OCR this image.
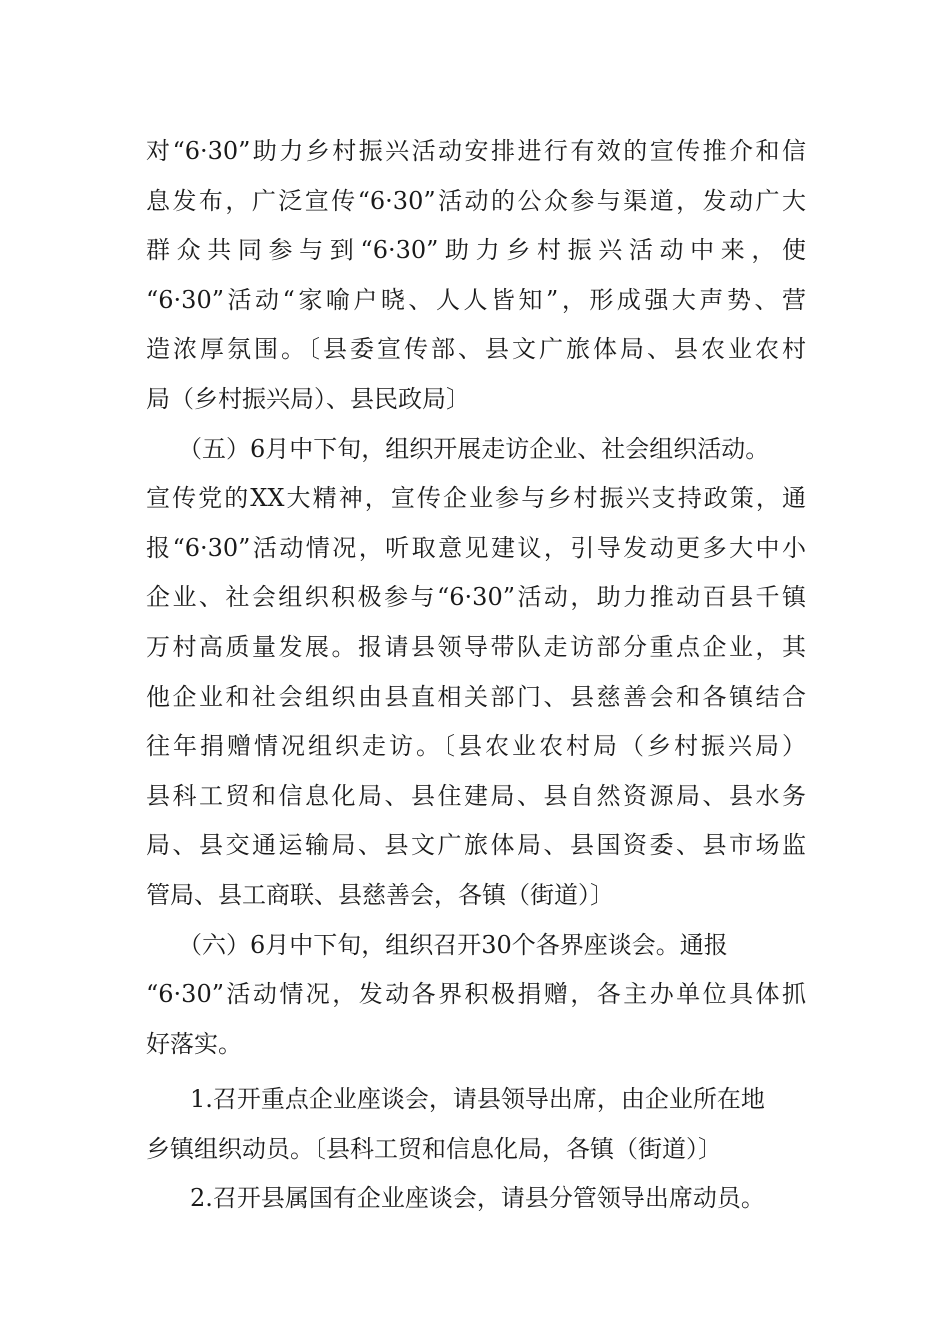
对“6·30”助力乡村振兴活动安排进行有效的宣传推介和信
息发布，广泛宣传“6·30”活动的公众参与渠道，发动广大
群众共同参与到“6·30”助力乡村振兴活动中来，使
“6·30”活动“家喻户晓、人人皆知”，形成强大声势、营
造浓厚氛围。〔县委宣传部、县文广旅体局、县农业农村
局（乡村振兴局）、县民政局〕
（五）6月中下旬，组织开展走访企业、社会组织活动。
宣传党的XX大精神，宣传企业参与乡村振兴支持政策，通
报“6·30”活动情况，听取意见建议，引导发动更多大中小
企业、社会组织积极参与“6·30”活动，助力推动百县千镇
万村高质量发展。报请县领导带队走访部分重点企业，其
他企业和社会组织由县直相关部门、县慈善会和各镇结合
往年捐赠情况组织走访。〔县农业农村局（乡村振兴局）
县科工贸和信息化局、县住建局、县自然资源局、县水务
局、县交通运输局、县文广旅体局、县国资委、县市场监
管局、县工商联、县慈善会，各镇（街道）〕
（六）6月中下旬，组织召开30个各界座谈会。通报
“6·30”活动情况，发动各界积极捐赠，各主办单位具体抓
好落实。
1.召开重点企业座谈会，请县领导出席，由企业所在地
乡镇组织动员。〔县科工贸和信息化局，各镇（街道）〕
2.召开县属国有企业座谈会，请县分管领导出席动员。
